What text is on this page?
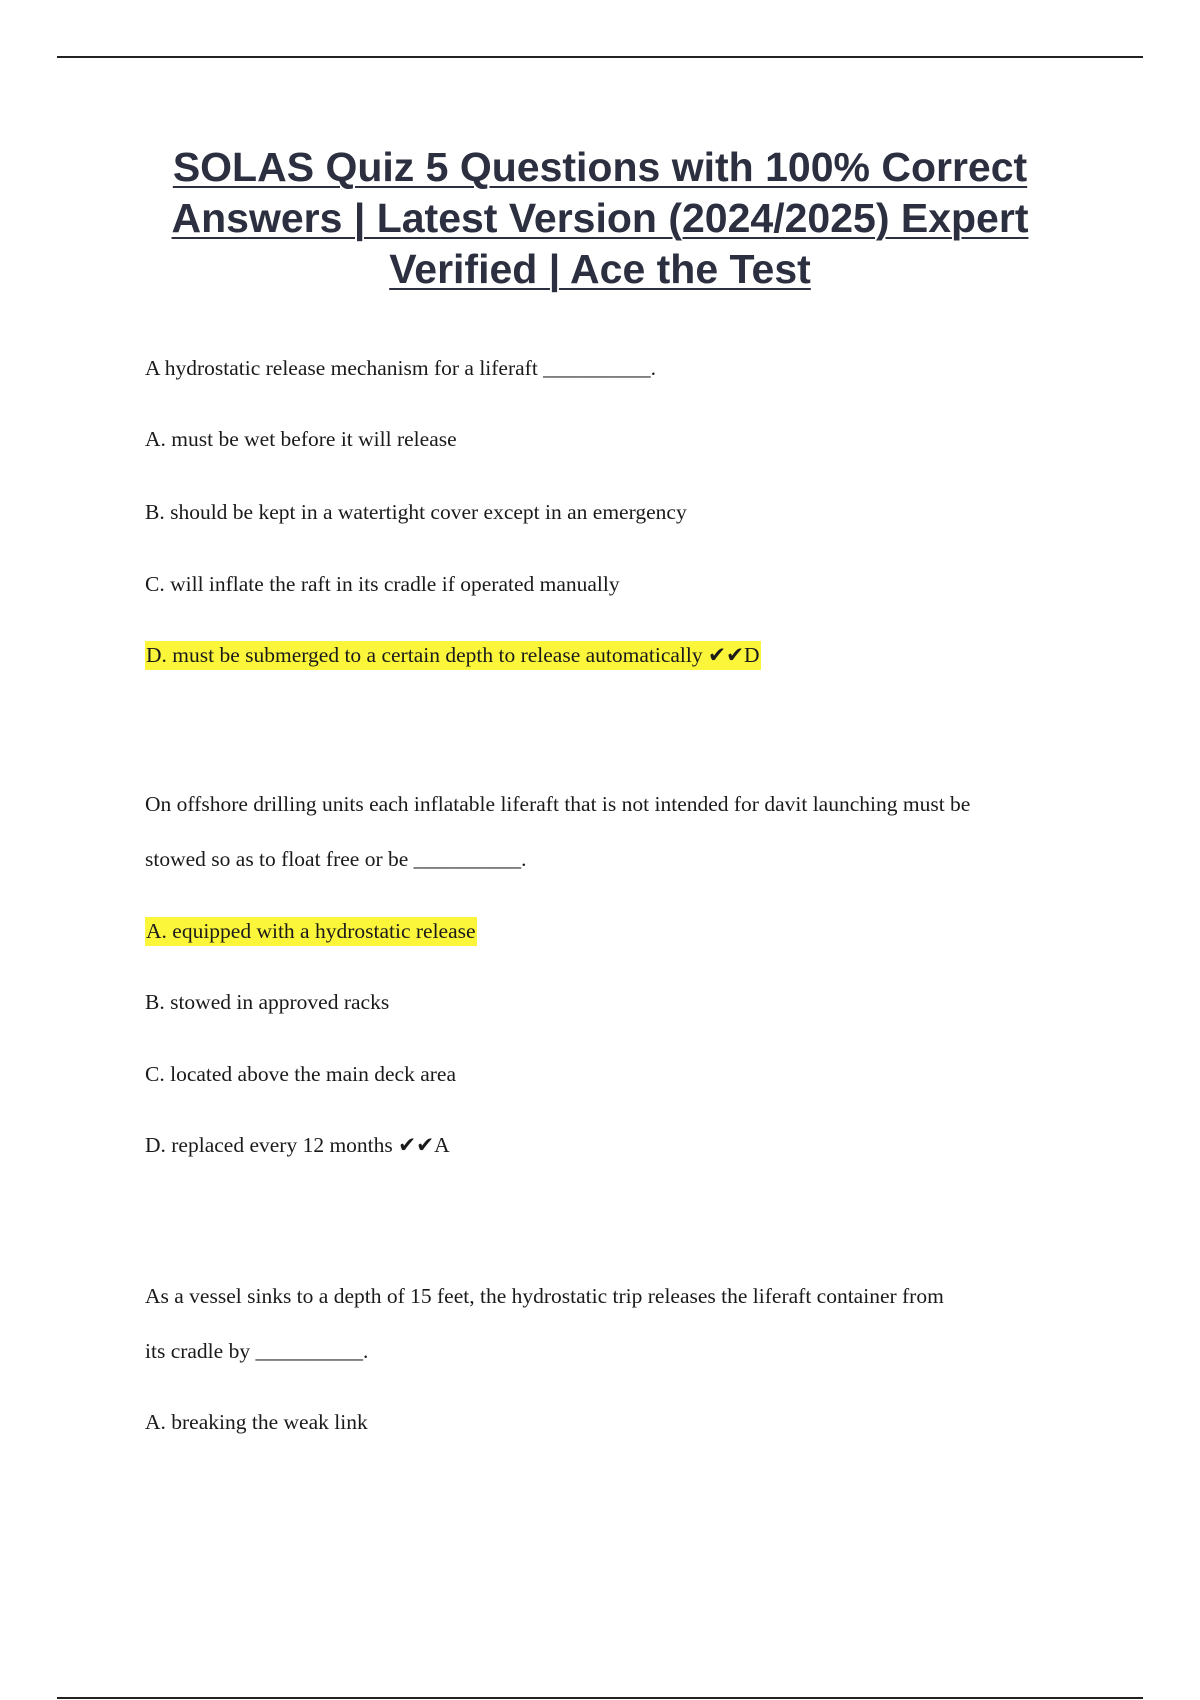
SOLAS Quiz 5 Questions with 100% Correct Answers | Latest Version (2024/2025) Expert Verified | Ace the Test

A hydrostatic release mechanism for a liferaft __________.

A. must be wet before it will release

B. should be kept in a watertight cover except in an emergency

C. will inflate the raft in its cradle if operated manually

D. must be submerged to a certain depth to release automatically ✔✔D

On offshore drilling units each inflatable liferaft that is not intended for davit launching must be

stowed so as to float free or be __________.

A. equipped with a hydrostatic release

B. stowed in approved racks

C. located above the main deck area

D. replaced every 12 months ✔✔A

As a vessel sinks to a depth of 15 feet, the hydrostatic trip releases the liferaft container from

its cradle by __________.

A. breaking the weak link
